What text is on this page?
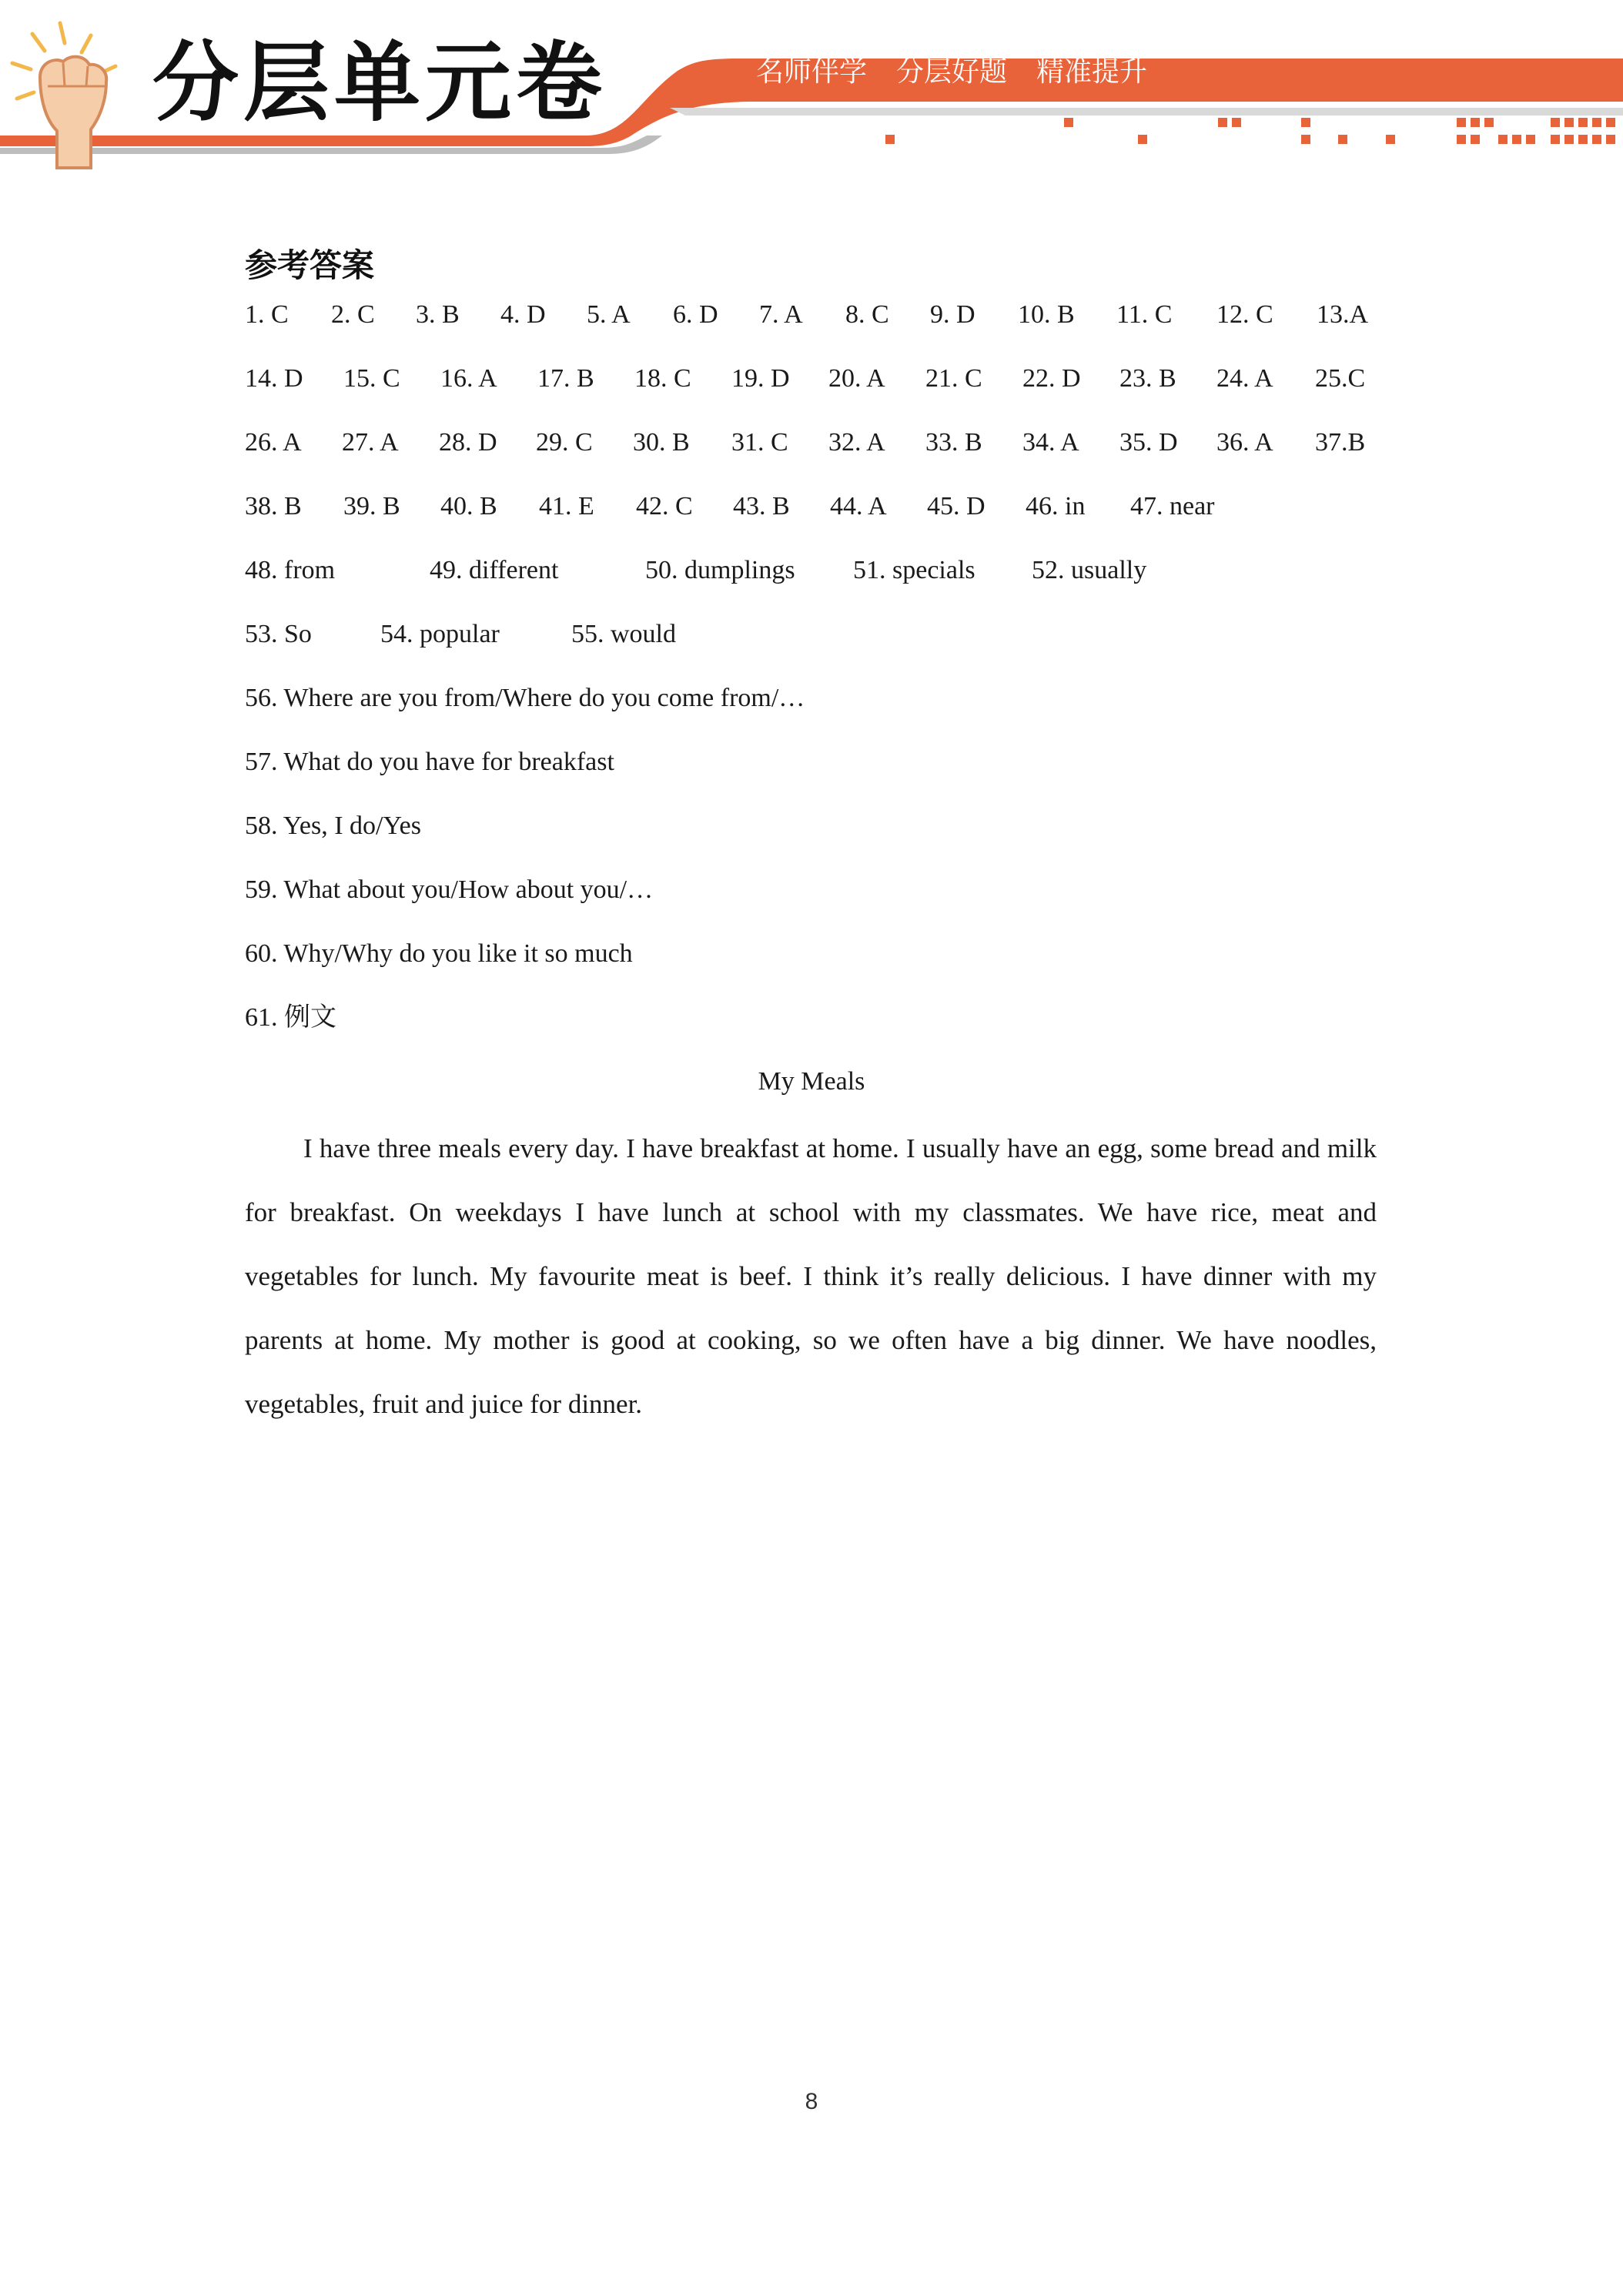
分层单元卷	名师伴学 分层好题 精准提升
参考答案
1. C 2. C 3. B 4. D 5. A 6. D 7. A 8. C 9. D 10. B 11. C 12. C 13.A
14. D 15. C 16. A 17. B 18. C 19. D 20. A 21. C 22. D 23. B 24. A 25.C
26. A 27. A 28. D 29. C 30. B 31. C 32. A 33. B 34. A 35. D 36. A 37.B
38. B 39. B 40. B 41. E 42. C 43. B 44. A 45. D 46. in 47. near
48. from	49. different	50. dumplings 51. specials 52. usually
53. So	54. popular	55. would
56. Where are you from/Where do you come from/…
57. What do you have for breakfast
58. Yes, I do/Yes
59. What about you/How about you/…
60. Why/Why do you like it so much
61. 例文
My Meals
I have three meals every day. I have breakfast at home. I usually have an egg, some bread and milk for breakfast. On weekdays I have lunch at school with my classmates. We have rice, meat and vegetables for lunch. My favourite meat is beef. I think it’s really delicious. I have dinner with my parents at home. My mother is good at cooking, so we often have a big dinner. We have noodles, vegetables, fruit and juice for dinner.
8
